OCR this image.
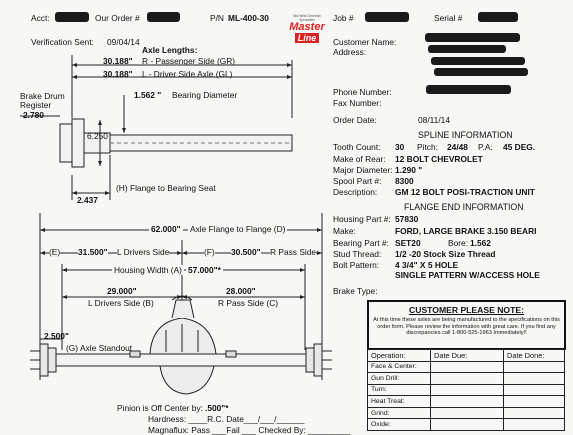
Acct:	Our Order #	P/N ML-400-30	Job #	Serial #
Verification Sent: 09/04/14
Mid-West Drivetrain Specialties
Master
Line	Customer Name:
Address:
Phone Number:
Fax Number:
Order Date:	08/11/14
SPLINE INFORMATION
Tooth Count: 30 Pitch: 24/48 P.A: 45 DEG.
Make of Rear: 12 BOLT CHEVROLET
Major Diameter: 1.290 "
Spool Part #: 8300
Description: GM 12 BOLT POSI-TRACTION UNIT
FLANGE END INFORMATION
Housing Part #: 57830
Make:	FORD, LARGE BRAKE 3.150 BEARI
Bearing Part #: SET20	Bore: 1.562
Stud Thread: 1/2 -20 Stock Size Thread
Bolt Pattern: 4 3/4" X 5 HOLE
SINGLE PATTERN W/ACCESS HOLE
Brake Type:
CUSTOMER PLEASE NOTE:
At this time these axles are being manufactured to the specifications on this order form. Please review the information with great care. If you find any discrepancies call 1-800-525-1963 Immediately!!
Operation:	Date Due:	Date Done:
Face & Center:		
Gun Drill:		
Turn:		
Heat Treat:		
Grind:		
Oxide:		
Axle Lengths:
30.188" R - Passenger Side (GR)
30.188" L - Driver Side Axle (GL)
1.562 " Bearing Diameter
Brake Drum
Register
2.780
6.250
2.437
(H) Flange to Bearing Seat
62.000" Axle Flange to Flange (D)
(E) 31.500" L Drivers Side	(F) 30.500" R Pass Side
Housing Width (A) 57.000"*
29.000"
L Drivers Side (B)
28.000"
R Pass Side (C)
2.500"
(G) Axle Standout
Pinion is Off Center by: .500"*
Hardness: ____R.C. Date___/___/______
Magnaflux: Pass ___Fail ___ Checked By: _________
